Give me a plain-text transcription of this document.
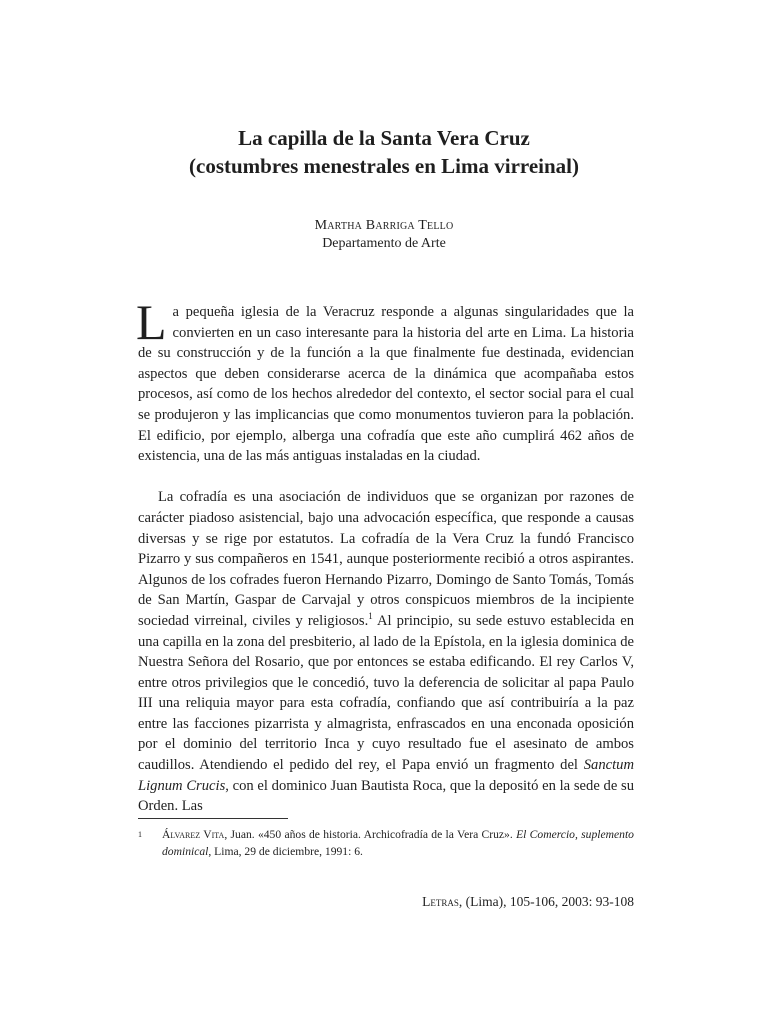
La capilla de la Santa Vera Cruz
(costumbres menestrales en Lima virreinal)
Martha Barriga Tello
Departamento de Arte

La pequeña iglesia de la Veracruz responde a algunas singularidades que la convierten en un caso interesante para la historia del arte en Lima. La historia de su construcción y de la función a la que finalmente fue destinada, evidencian aspectos que deben considerarse acerca de la dinámica que acompañaba estos procesos, así como de los hechos alrededor del contexto, el sector social para el cual se produjeron y las implicancias que como monumentos tuvieron para la población. El edificio, por ejemplo, alberga una cofradía que este año cumplirá 462 años de existencia, una de las más antiguas instaladas en la ciudad.

La cofradía es una asociación de individuos que se organizan por razones de carácter piadoso asistencial, bajo una advocación específica, que responde a causas diversas y se rige por estatutos. La cofradía de la Vera Cruz la fundó Francisco Pizarro y sus compañeros en 1541, aunque posteriormente recibió a otros aspirantes. Algunos de los cofrades fueron Hernando Pizarro, Domingo de Santo Tomás, Tomás de San Martín, Gaspar de Carvajal y otros conspicuos miembros de la incipiente sociedad virreinal, civiles y religiosos.$^1$ Al principio, su sede estuvo establecida en una capilla en la zona del presbiterio, al lado de la Epístola, en la iglesia dominica de Nuestra Señora del Rosario, que por entonces se estaba edificando. El rey Carlos V, entre otros privilegios que le concedió, tuvo la deferencia de solicitar al papa Paulo III una reliquia mayor para esta cofradía, confiando que así contribuiría a la paz entre las facciones pizarrista y almagrista, enfrascados en una enconada oposición por el dominio del territorio Inca y cuyo resultado fue el asesinato de ambos caudillos. Atendiendo el pedido del rey, el Papa envió un fragmento del Sanctum Lignum Crucis, con el dominico Juan Bautista Roca, que la depositó en la sede de su Orden. Las

1 Álvarez Vita, Juan. «450 años de historia. Archicofradía de la Vera Cruz». El Comercio, suplemento dominical, Lima, 29 de diciembre, 1991: 6.
Letras, (Lima), 105-106, 2003: 93-108
